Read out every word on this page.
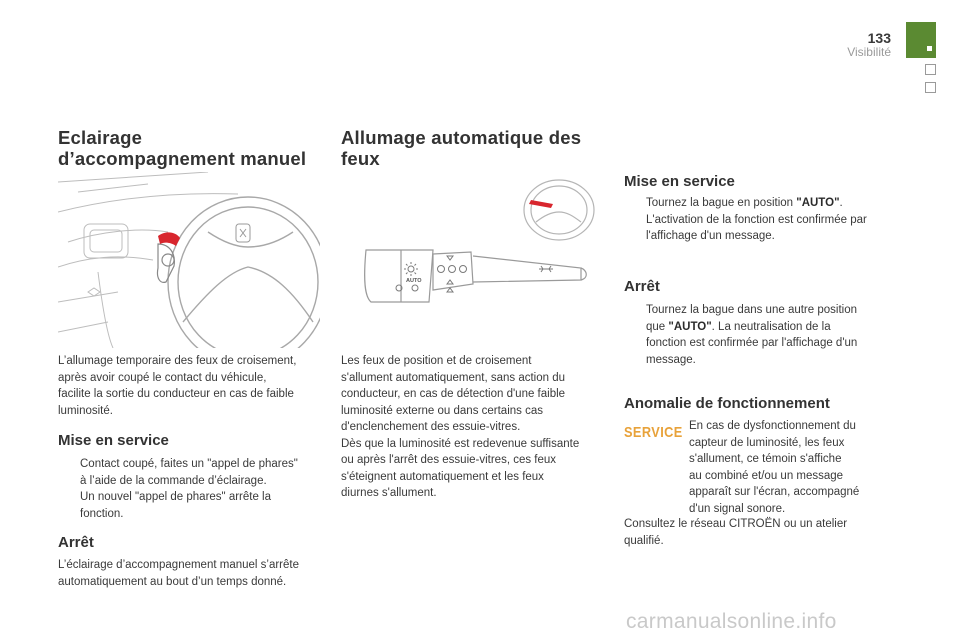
133
Visibilité
Eclairage
d’accompagnement manuel
L’allumage temporaire des feux de croisement,
après avoir coupé le contact du véhicule,
facilite la sortie du conducteur en cas de faible
luminosité.
Mise en service
Contact coupé, faites un "appel de phares"
à l’aide de la commande d’éclairage.
Un nouvel "appel de phares" arrête la
fonction.
Arrêt
L’éclairage d’accompagnement manuel s’arrête
automatiquement au bout d’un temps donné.
Allumage automatique des
feux
AUTO
Les feux de position et de croisement
s'allument automatiquement, sans action du
conducteur, en cas de détection d'une faible
luminosité externe ou dans certains cas
d'enclenchement des essuie-vitres.
Dès que la luminosité est redevenue suffisante
ou après l'arrêt des essuie-vitres, ces feux
s'éteignent automatiquement et les feux
diurnes s'allument.
Mise en service
Tournez la bague en position "AUTO".
L'activation de la fonction est confirmée par
l'affichage d'un message.
Arrêt
Tournez la bague dans une autre position
que "AUTO". La neutralisation de la
fonction est confirmée par l'affichage d'un
message.
Anomalie de fonctionnement
SERVICE En cas de dysfonctionnement du
capteur de luminosité, les feux
s'allument, ce témoin s'affiche
au combiné et/ou un message
apparaît sur l'écran, accompagné
d'un signal sonore.
Consultez le réseau CITROËN ou un atelier
qualifié.
carmanualsonline.info
